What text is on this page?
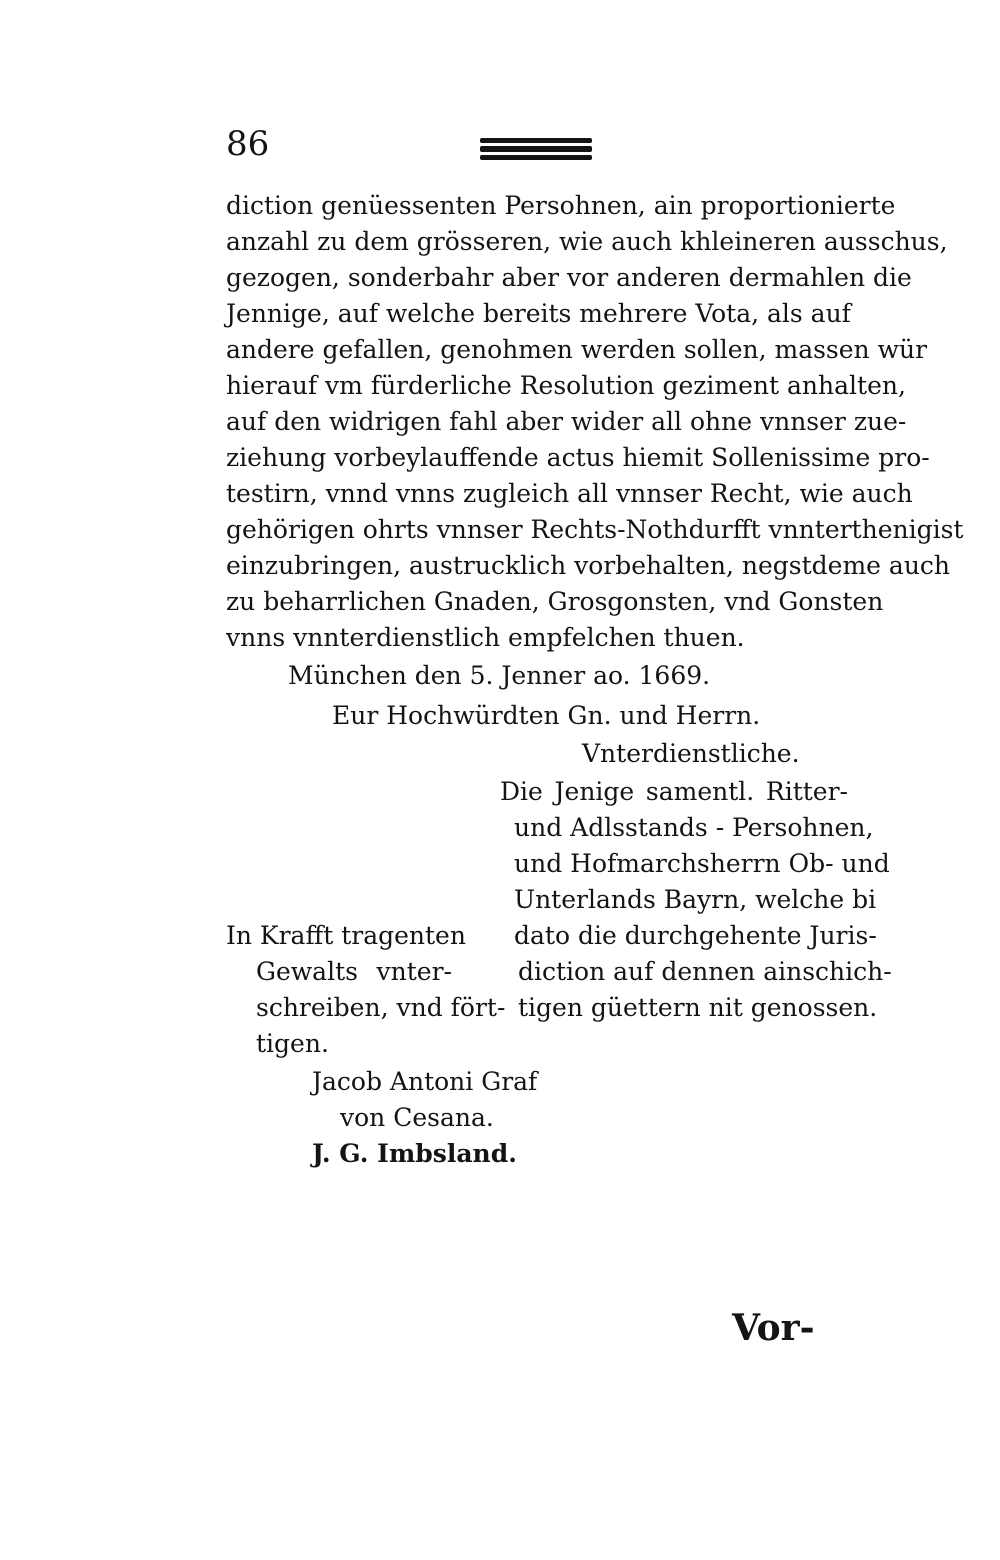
86
diction genüessenten Persohnen, ain proportionierte
anzahl zu dem grösseren, wie auch khleineren ausschus,
gezogen, sonderbahr aber vor anderen dermahlen die
Jennige, auf welche bereits mehrere Vota, als auf
andere gefallen, genohmen werden sollen, massen wür
hierauf vm fürderliche Resolution geziment anhalten,
auf den widrigen fahl aber wider all ohne vnnser zue-
ziehung vorbeylauffende actus hiemit Sollenissime pro-
testirn, vnnd vnns zugleich all vnnser Recht, wie auch
gehörigen ohrts vnnser Rechts-Nothdurfft vnnterthenigist
einzubringen, austrucklich vorbehalten, negstdeme auch
zu beharrlichen Gnaden, Grosgonsten, vnd Gonsten
vnns vnnterdienstlich empfelchen thuen.
München den 5. Jenner ao. 1669.
Eur Hochwürdten Gn. und Herrn.
Vnterdienstliche.
Die Jenige samentl. Ritter-
und Adlsstands - Persohnen,
und Hofmarchsherrn Ob- und
Unterlands Bayrn, welche bi
dato die durchgehente Juris-
diction auf dennen ainschich-
tigen güettern nit genossen.
In Krafft tragenten
Gewalts vnter-
schreiben, vnd fört-
tigen.
Jacob Antoni Graf
von Cesana.
J. G. Imbsland.
Vor-
